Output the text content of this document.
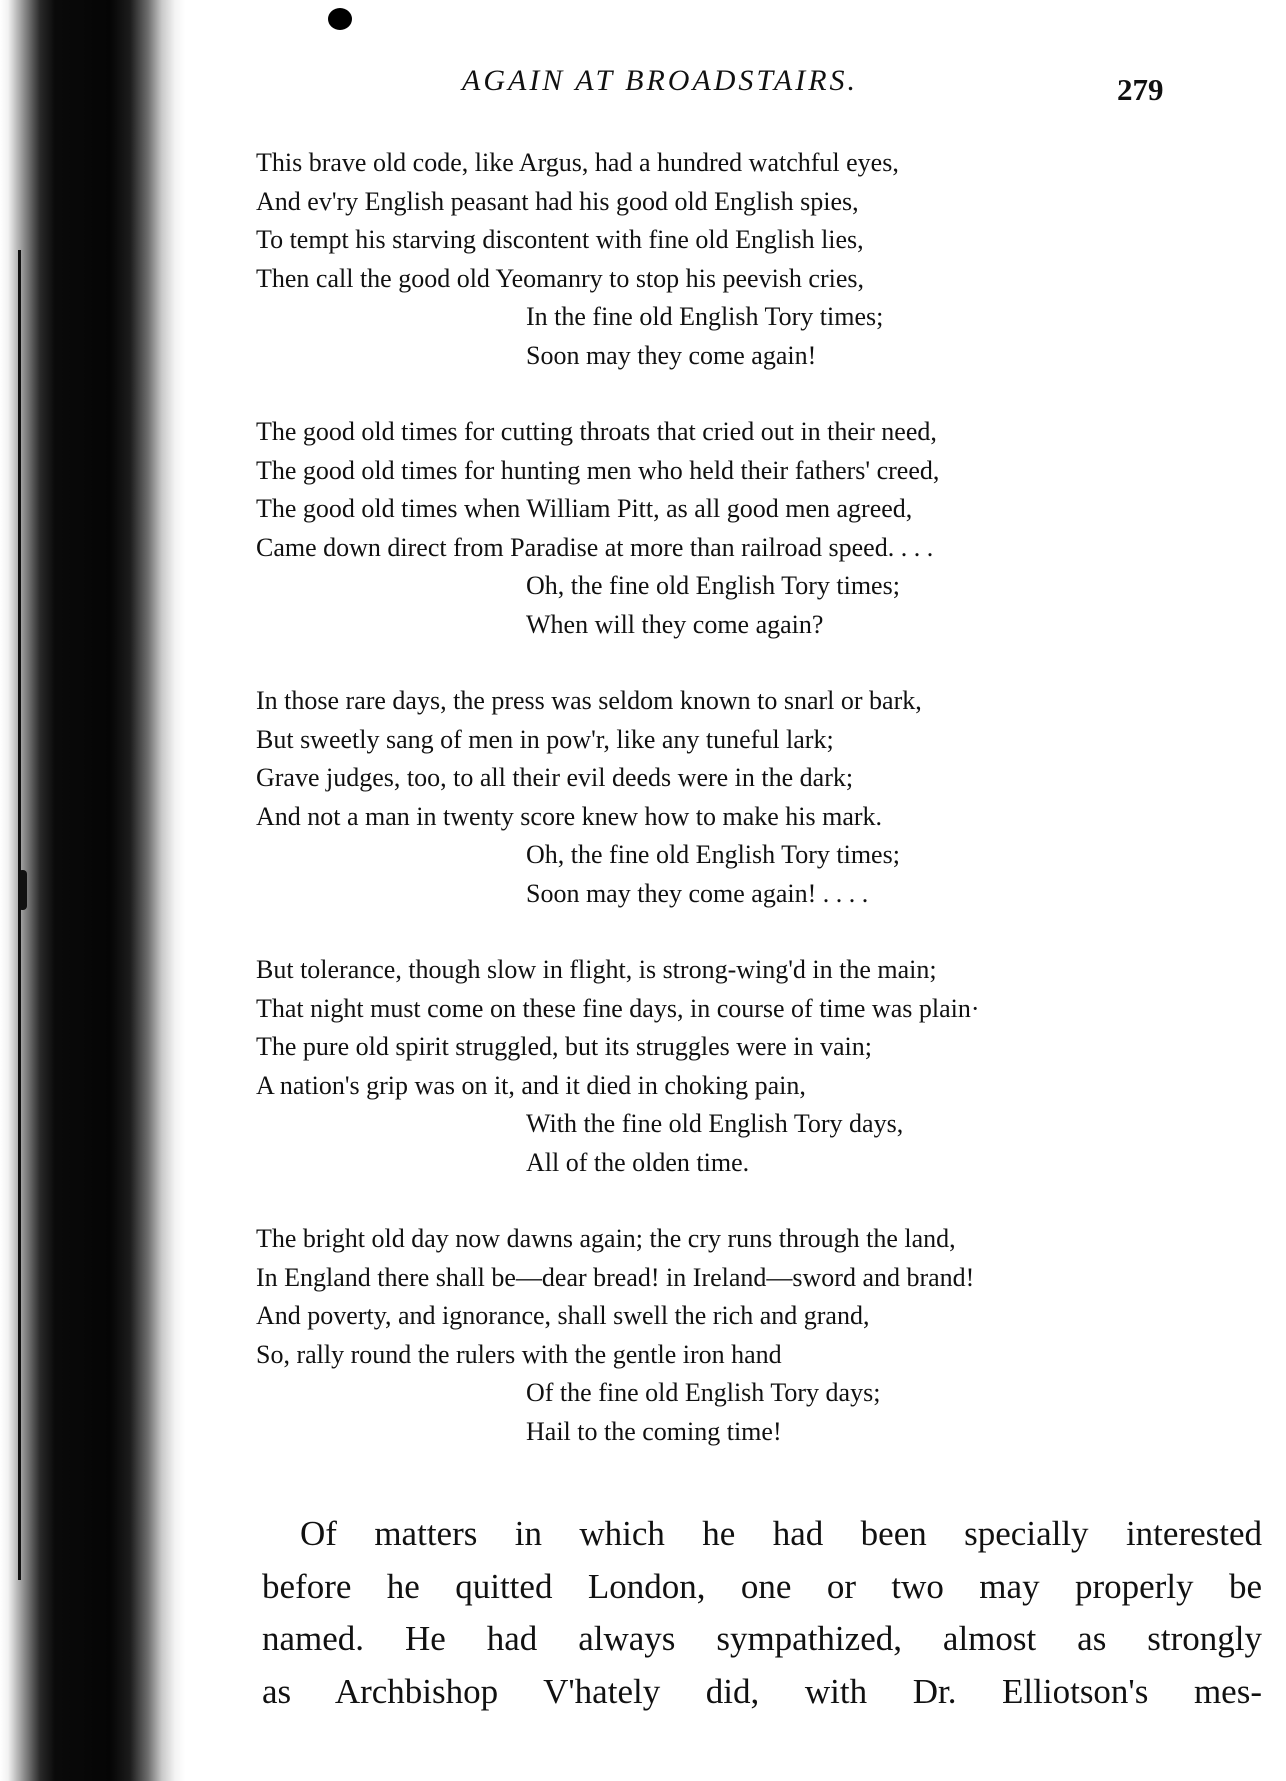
AGAIN AT BROADSTAIRS.	279
This brave old code, like Argus, had a hundred watchful eyes,
And ev'ry English peasant had his good old English spies,
To tempt his starving discontent with fine old English lies,
Then call the good old Yeomanry to stop his peevish cries,
In the fine old English Tory times;
Soon may they come again!
The good old times for cutting throats that cried out in their need,
The good old times for hunting men who held their fathers' creed,
The good old times when William Pitt, as all good men agreed,
Came down direct from Paradise at more than railroad speed. . . .
Oh, the fine old English Tory times;
When will they come again?
In those rare days, the press was seldom known to snarl or bark,
But sweetly sang of men in pow'r, like any tuneful lark;
Grave judges, too, to all their evil deeds were in the dark;
And not a man in twenty score knew how to make his mark.
Oh, the fine old English Tory times;
Soon may they come again! . . . .
But tolerance, though slow in flight, is strong-wing'd in the main;
That night must come on these fine days, in course of time was plain·
The pure old spirit struggled, but its struggles were in vain;
A nation's grip was on it, and it died in choking pain,
With the fine old English Tory days,
All of the olden time.
The bright old day now dawns again; the cry runs through the land,
In England there shall be—dear bread! in Ireland—sword and brand!
And poverty, and ignorance, shall swell the rich and grand,
So, rally round the rulers with the gentle iron hand
Of the fine old English Tory days;
Hail to the coming time!
Of matters in which he had been specially interested
before he quitted London, one or two may properly be
named. He had always sympathized, almost as strongly
as Archbishop V'hately did, with Dr. Elliotson's mes-
